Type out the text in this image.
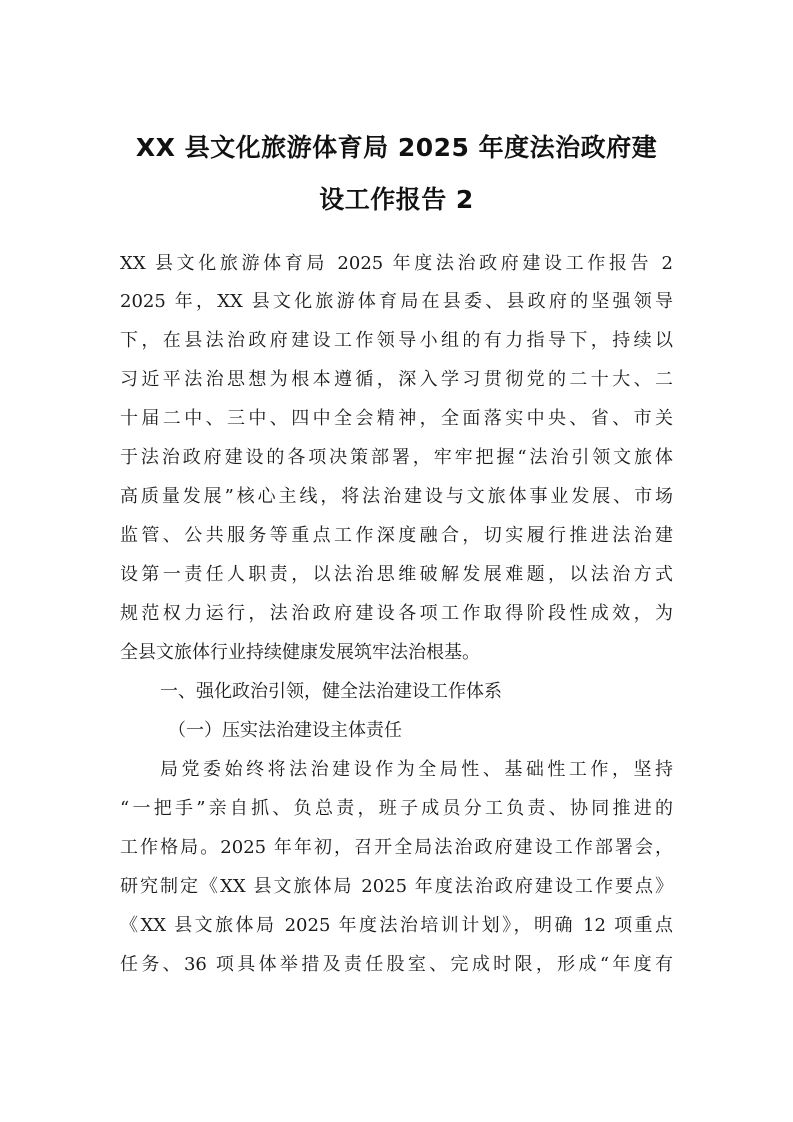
XX 县文化旅游体育局 2025 年度法治政府建
设工作报告 2
XX 县文化旅游体育局 2025 年度法治政府建设工作报告 2
2025 年，XX 县文化旅游体育局在县委、县政府的坚强领导
下，在县法治政府建设工作领导小组的有力指导下，持续以
习近平法治思想为根本遵循，深入学习贯彻党的二十大、二
十届二中、三中、四中全会精神，全面落实中央、省、市关
于法治政府建设的各项决策部署，牢牢把握“法治引领文旅体
高质量发展”核心主线，将法治建设与文旅体事业发展、市场
监管、公共服务等重点工作深度融合，切实履行推进法治建
设第一责任人职责，以法治思维破解发展难题，以法治方式
规范权力运行，法治政府建设各项工作取得阶段性成效，为
全县文旅体行业持续健康发展筑牢法治根基。
一、强化政治引领，健全法治建设工作体系
（一）压实法治建设主体责任
局党委始终将法治建设作为全局性、基础性工作，坚持
“一把手”亲自抓、负总责，班子成员分工负责、协同推进的
工作格局。2025 年年初，召开全局法治政府建设工作部署会，
研究制定《XX 县文旅体局 2025 年度法治政府建设工作要点》
《XX 县文旅体局 2025 年度法治培训计划》，明确 12 项重点
任务、36 项具体举措及责任股室、完成时限，形成“年度有
